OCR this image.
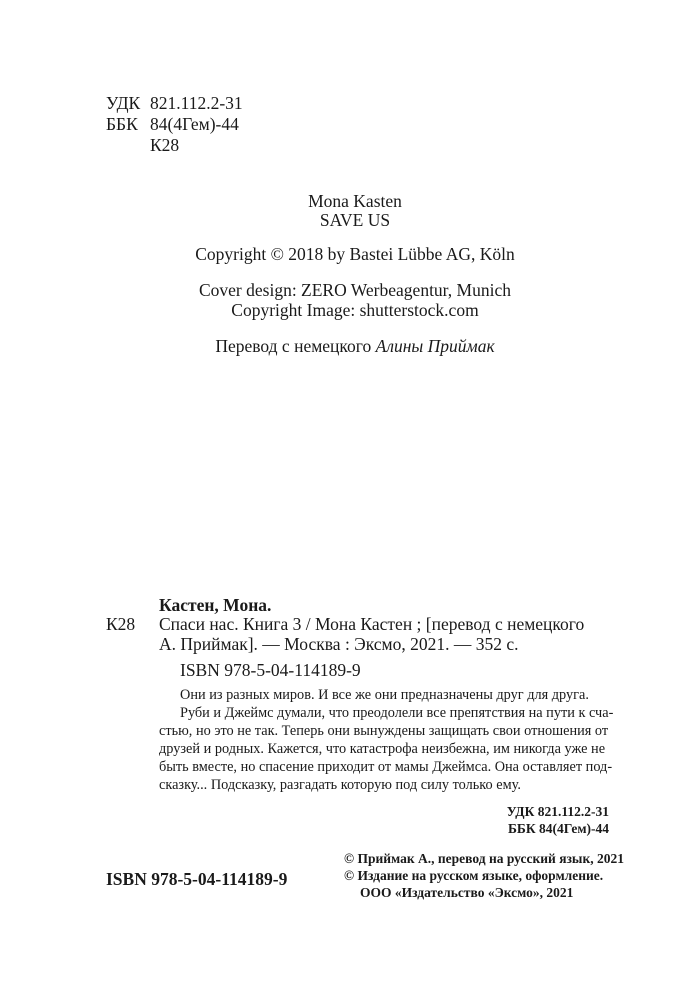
УДК 821.112.2-31
ББК 84(4Гем)-44
К28
Mona Kasten
SAVE US
Copyright © 2018 by Bastei Lübbe AG, Köln
Cover design: ZERO Werbeagentur, Munich
Copyright Image: shutterstock.com
Перевод с немецкого Алины Приймак
Кастен, Мона.
К28 Спаси нас. Книга 3 / Мона Кастен ; [перевод с немецкого
А. Приймак]. — Москва : Эксмо, 2021. — 352 с.
ISBN 978-5-04-114189-9
Они из разных миров. И все же они предназначены друг для друга.
Руби и Джеймс думали, что преодолели все препятствия на пути к сча-
стью, но это не так. Теперь они вынуждены защищать свои отношения от
друзей и родных. Кажется, что катастрофа неизбежна, им никогда уже не
быть вместе, но спасение приходит от мамы Джеймса. Она оставляет под-
сказку... Подсказку, разгадать которую под силу только ему.
УДК 821.112.2-31
ББК 84(4Гем)-44
ISBN 978-5-04-114189-9
© Приймак А., перевод на русский язык, 2021
© Издание на русском языке, оформление.
ООО «Издательство «Эксмо», 2021
